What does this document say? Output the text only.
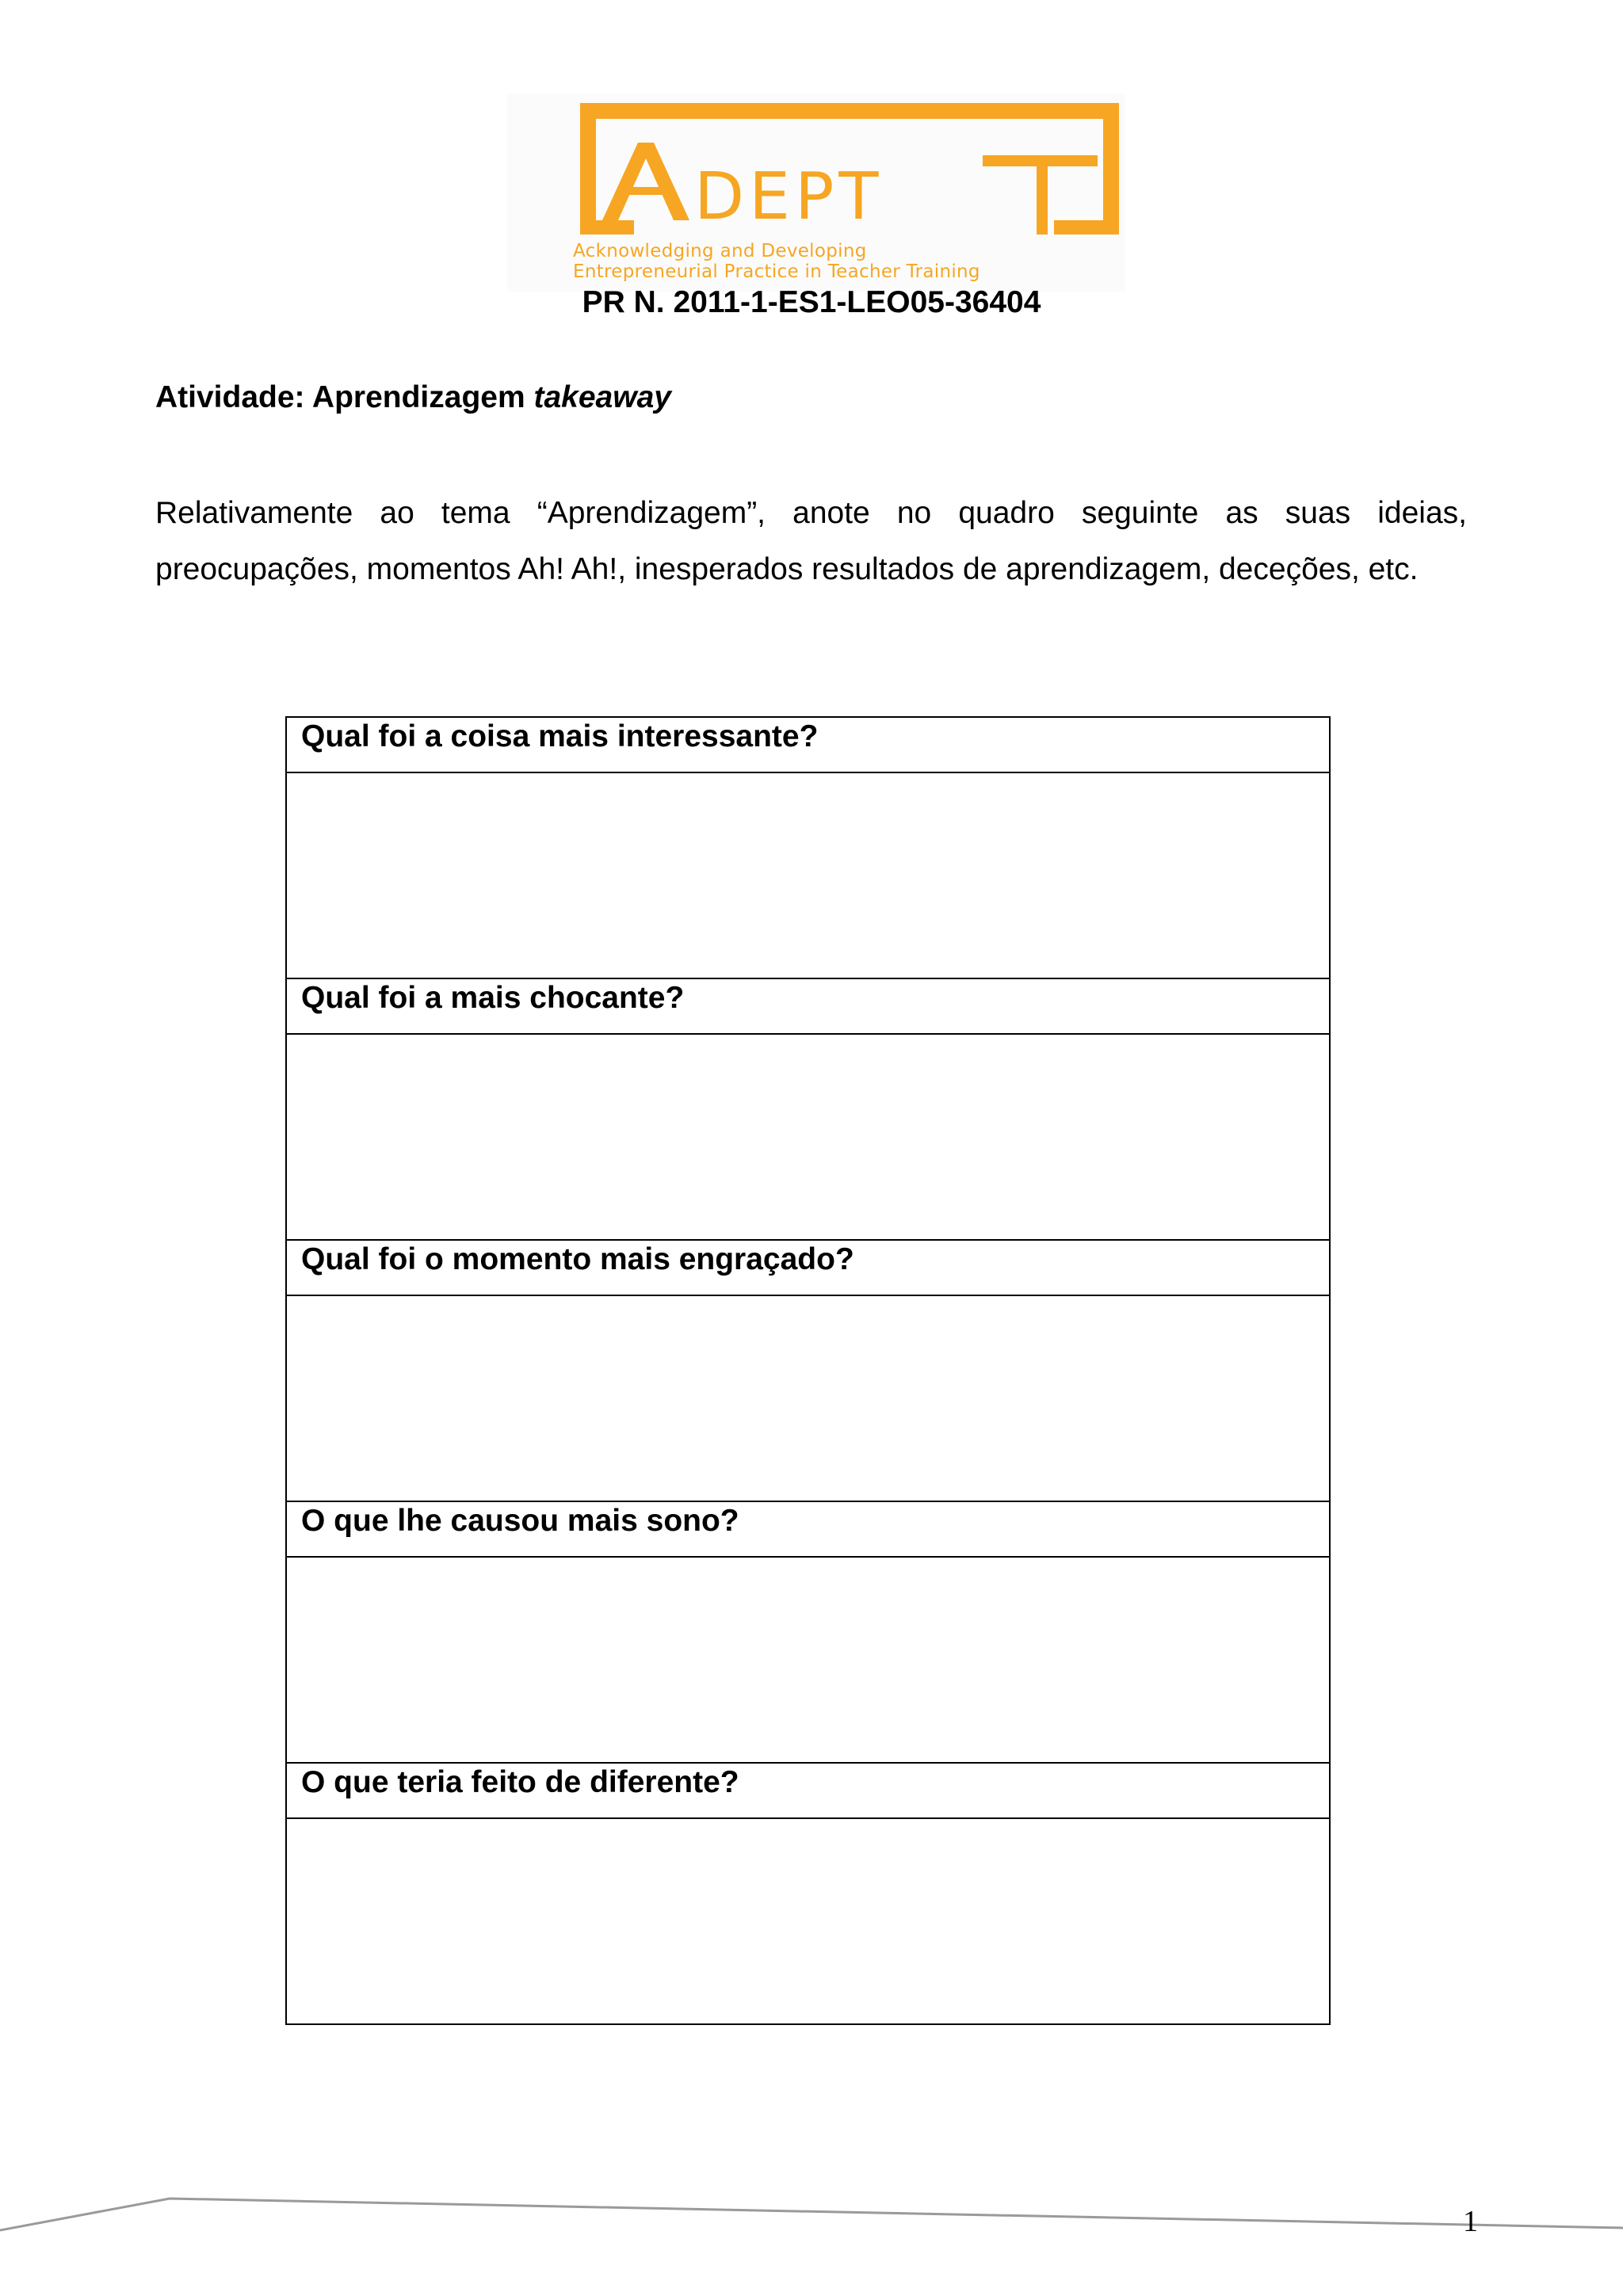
DEPT
Acknowledging and Developing
Entrepreneurial Practice in Teacher Training
PR N. 2011-1-ES1-LEO05-36404
Atividade: Aprendizagem takeaway
Relativamente ao tema “Aprendizagem”, anote no quadro seguinte as suas ideias, preocupações, momentos Ah! Ah!, inesperados resultados de aprendizagem, deceções, etc.
Qual foi a coisa mais interessante?

Qual foi a mais chocante?

Qual foi o momento mais engraçado?

O que lhe causou mais sono?

O que teria feito de diferente?

1
